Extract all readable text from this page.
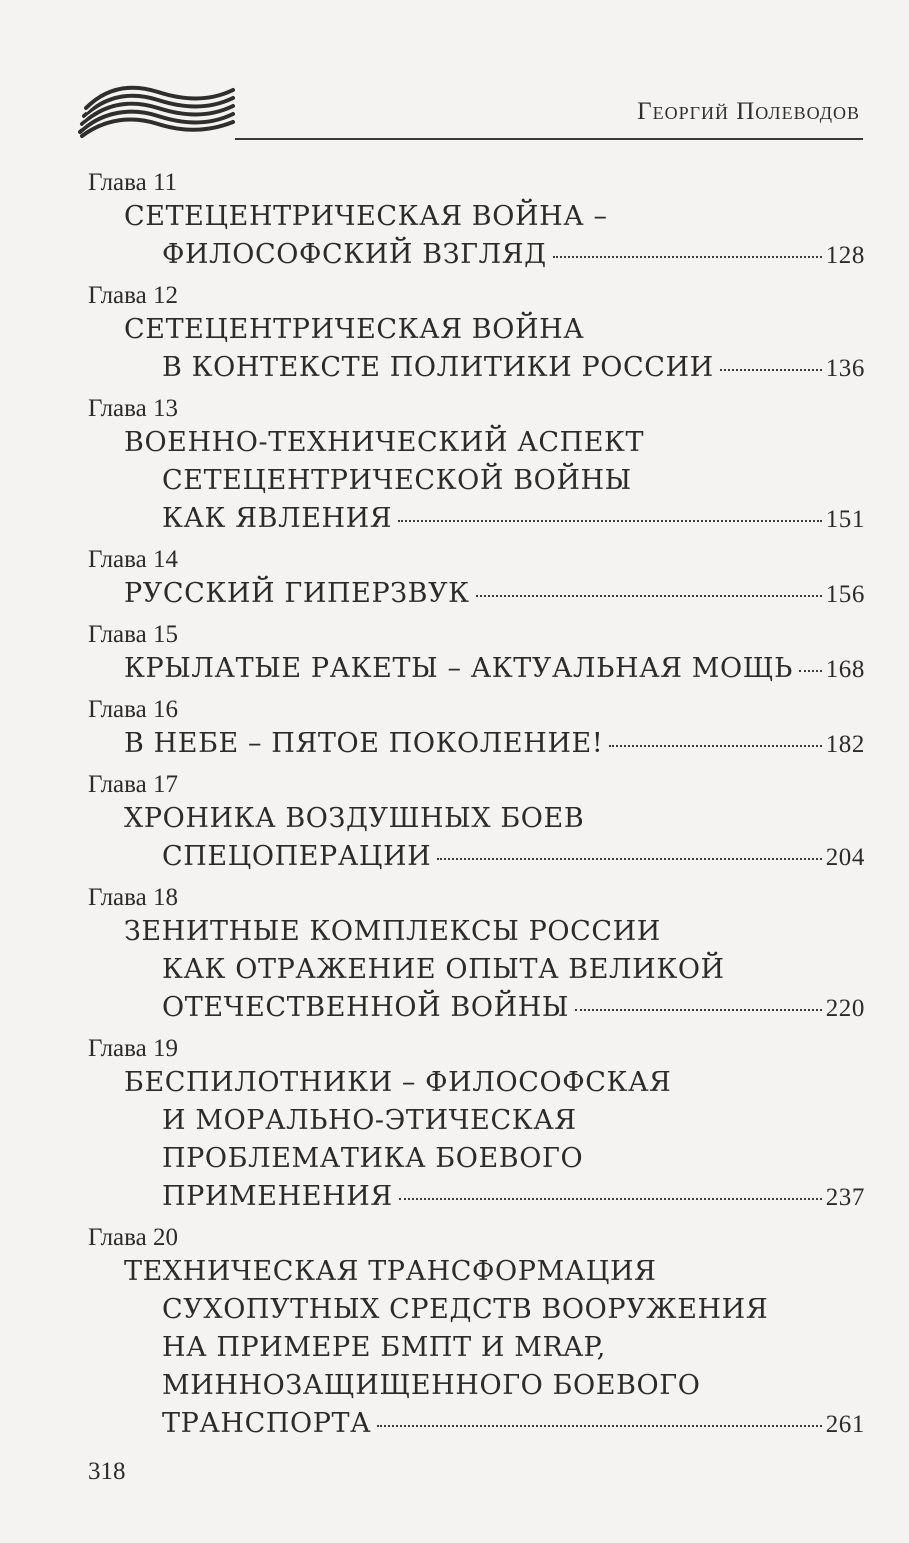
Георгий Полеводов
Глава 11
СЕТЕЦЕНТРИЧЕСКАЯ ВОЙНА –
ФИЛОСОФСКИЙ ВЗГЛЯД	128
Глава 12
СЕТЕЦЕНТРИЧЕСКАЯ ВОЙНА
В КОНТЕКСТЕ ПОЛИТИКИ РОССИИ	136
Глава 13
ВОЕННО-ТЕХНИЧЕСКИЙ АСПЕКТ
СЕТЕЦЕНТРИЧЕСКОЙ ВОЙНЫ
КАК ЯВЛЕНИЯ	151
Глава 14
РУССКИЙ ГИПЕРЗВУК	156
Глава 15
КРЫЛАТЫЕ РАКЕТЫ – АКТУАЛЬНАЯ МОЩЬ 168
Глава 16
В НЕБЕ – ПЯТОЕ ПОКОЛЕНИЕ!	182
Глава 17
ХРОНИКА ВОЗДУШНЫХ БОЕВ
СПЕЦОПЕРАЦИИ	204
Глава 18
ЗЕНИТНЫЕ КОМПЛЕКСЫ РОССИИ
КАК ОТРАЖЕНИЕ ОПЫТА ВЕЛИКОЙ
ОТЕЧЕСТВЕННОЙ ВОЙНЫ	220
Глава 19
БЕСПИЛОТНИКИ – ФИЛОСОФСКАЯ
И МОРАЛЬНО-ЭТИЧЕСКАЯ
ПРОБЛЕМАТИКА БОЕВОГО
ПРИМЕНЕНИЯ	237
Глава 20
ТЕХНИЧЕСКАЯ ТРАНСФОРМАЦИЯ
СУХОПУТНЫХ СРЕДСТВ ВООРУЖЕНИЯ
НА ПРИМЕРЕ БМПТ И MRAP,
МИННОЗАЩИЩЕННОГО БОЕВОГО
ТРАНСПОРТА	261
318
